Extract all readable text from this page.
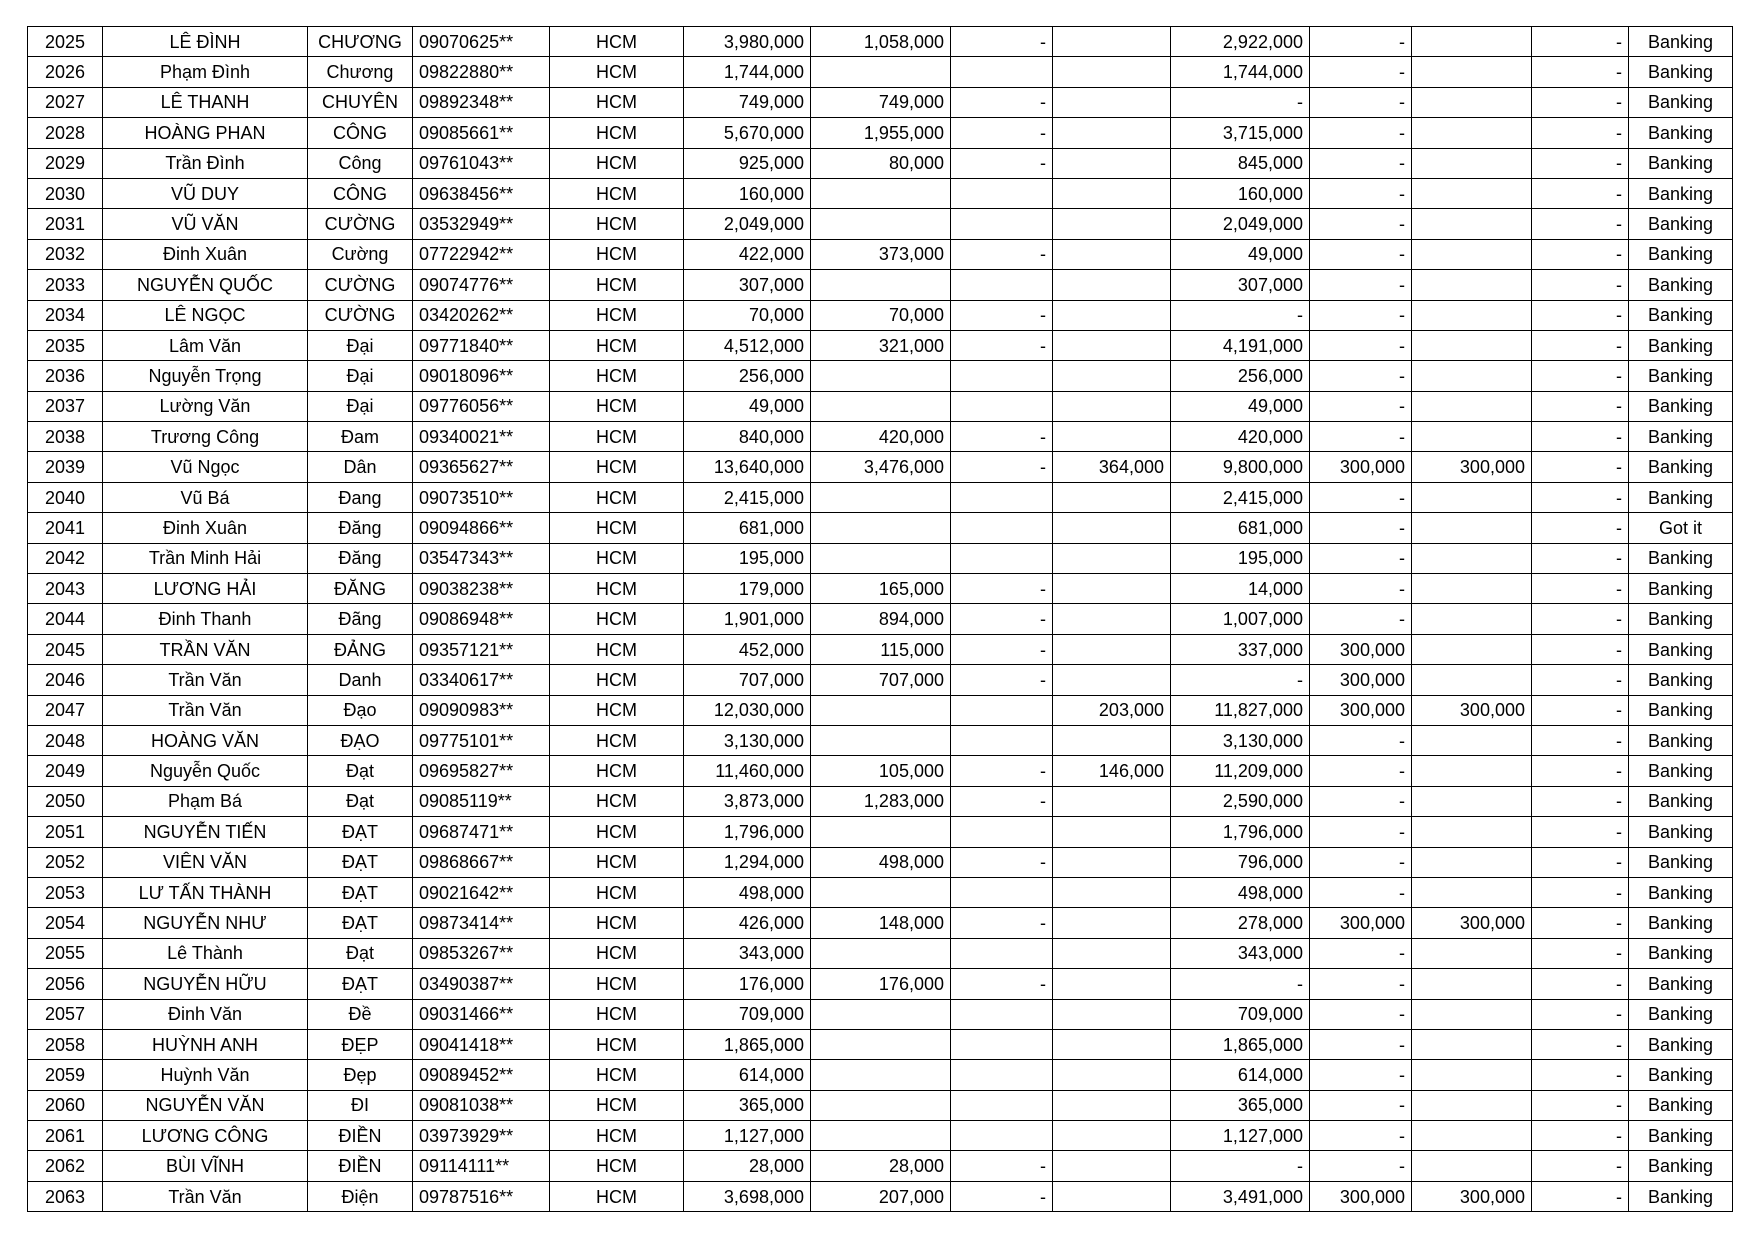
2025	LÊ ĐÌNH	CHƯƠNG	09070625**	HCM	3,980,000	1,058,000	-		2,922,000	-		-	Banking
2026	Phạm Đình	Chương	09822880**	HCM	1,744,000				1,744,000	-		-	Banking
2027	LÊ THANH	CHUYÊN	09892348**	HCM	749,000	749,000	-		-	-		-	Banking
2028	HOÀNG PHAN	CÔNG	09085661**	HCM	5,670,000	1,955,000	-		3,715,000	-		-	Banking
2029	Trần Đình	Công	09761043**	HCM	925,000	80,000	-		845,000	-		-	Banking
2030	VŨ DUY	CÔNG	09638456**	HCM	160,000				160,000	-		-	Banking
2031	VŨ VĂN	CƯỜNG	03532949**	HCM	2,049,000				2,049,000	-		-	Banking
2032	Đinh Xuân	Cường	07722942**	HCM	422,000	373,000	-		49,000	-		-	Banking
2033	NGUYỄN QUỐC	CƯỜNG	09074776**	HCM	307,000				307,000	-		-	Banking
2034	LÊ NGỌC	CƯỜNG	03420262**	HCM	70,000	70,000	-		-	-		-	Banking
2035	Lâm Văn	Đại	09771840**	HCM	4,512,000	321,000	-		4,191,000	-		-	Banking
2036	Nguyễn Trọng	Đại	09018096**	HCM	256,000				256,000	-		-	Banking
2037	Lường Văn	Đại	09776056**	HCM	49,000				49,000	-		-	Banking
2038	Trương Công	Đam	09340021**	HCM	840,000	420,000	-		420,000	-		-	Banking
2039	Vũ Ngọc	Dân	09365627**	HCM	13,640,000	3,476,000	-	364,000	9,800,000	300,000	300,000	-	Banking
2040	Vũ Bá	Đang	09073510**	HCM	2,415,000				2,415,000	-		-	Banking
2041	Đinh Xuân	Đăng	09094866**	HCM	681,000				681,000	-		-	Got it
2042	Trần Minh Hải	Đăng	03547343**	HCM	195,000				195,000	-		-	Banking
2043	LƯƠNG HẢI	ĐĂNG	09038238**	HCM	179,000	165,000	-		14,000	-		-	Banking
2044	Đinh Thanh	Đãng	09086948**	HCM	1,901,000	894,000	-		1,007,000	-		-	Banking
2045	TRẦN VĂN	ĐẢNG	09357121**	HCM	452,000	115,000	-		337,000	300,000		-	Banking
2046	Trần Văn	Danh	03340617**	HCM	707,000	707,000	-		-	300,000		-	Banking
2047	Trần Văn	Đạo	09090983**	HCM	12,030,000			203,000	11,827,000	300,000	300,000	-	Banking
2048	HOÀNG VĂN	ĐẠO	09775101**	HCM	3,130,000				3,130,000	-		-	Banking
2049	Nguyễn Quốc	Đạt	09695827**	HCM	11,460,000	105,000	-	146,000	11,209,000	-		-	Banking
2050	Phạm Bá	Đạt	09085119**	HCM	3,873,000	1,283,000	-		2,590,000	-		-	Banking
2051	NGUYỄN TIẾN	ĐẠT	09687471**	HCM	1,796,000				1,796,000	-		-	Banking
2052	VIÊN VĂN	ĐẠT	09868667**	HCM	1,294,000	498,000	-		796,000	-		-	Banking
2053	LƯ TẤN THÀNH	ĐẠT	09021642**	HCM	498,000				498,000	-		-	Banking
2054	NGUYỄN NHƯ	ĐẠT	09873414**	HCM	426,000	148,000	-		278,000	300,000	300,000	-	Banking
2055	Lê Thành	Đạt	09853267**	HCM	343,000				343,000	-		-	Banking
2056	NGUYỄN HỮU	ĐẠT	03490387**	HCM	176,000	176,000	-		-	-		-	Banking
2057	Đinh Văn	Đề	09031466**	HCM	709,000				709,000	-		-	Banking
2058	HUỲNH ANH	ĐẸP	09041418**	HCM	1,865,000				1,865,000	-		-	Banking
2059	Huỳnh Văn	Đẹp	09089452**	HCM	614,000				614,000	-		-	Banking
2060	NGUYỄN VĂN	ĐI	09081038**	HCM	365,000				365,000	-		-	Banking
2061	LƯƠNG CÔNG	ĐIỀN	03973929**	HCM	1,127,000				1,127,000	-		-	Banking
2062	BÙI VĨNH	ĐIỀN	09114111**	HCM	28,000	28,000	-		-	-		-	Banking
2063	Trần Văn	Điện	09787516**	HCM	3,698,000	207,000	-		3,491,000	300,000	300,000	-	Banking
